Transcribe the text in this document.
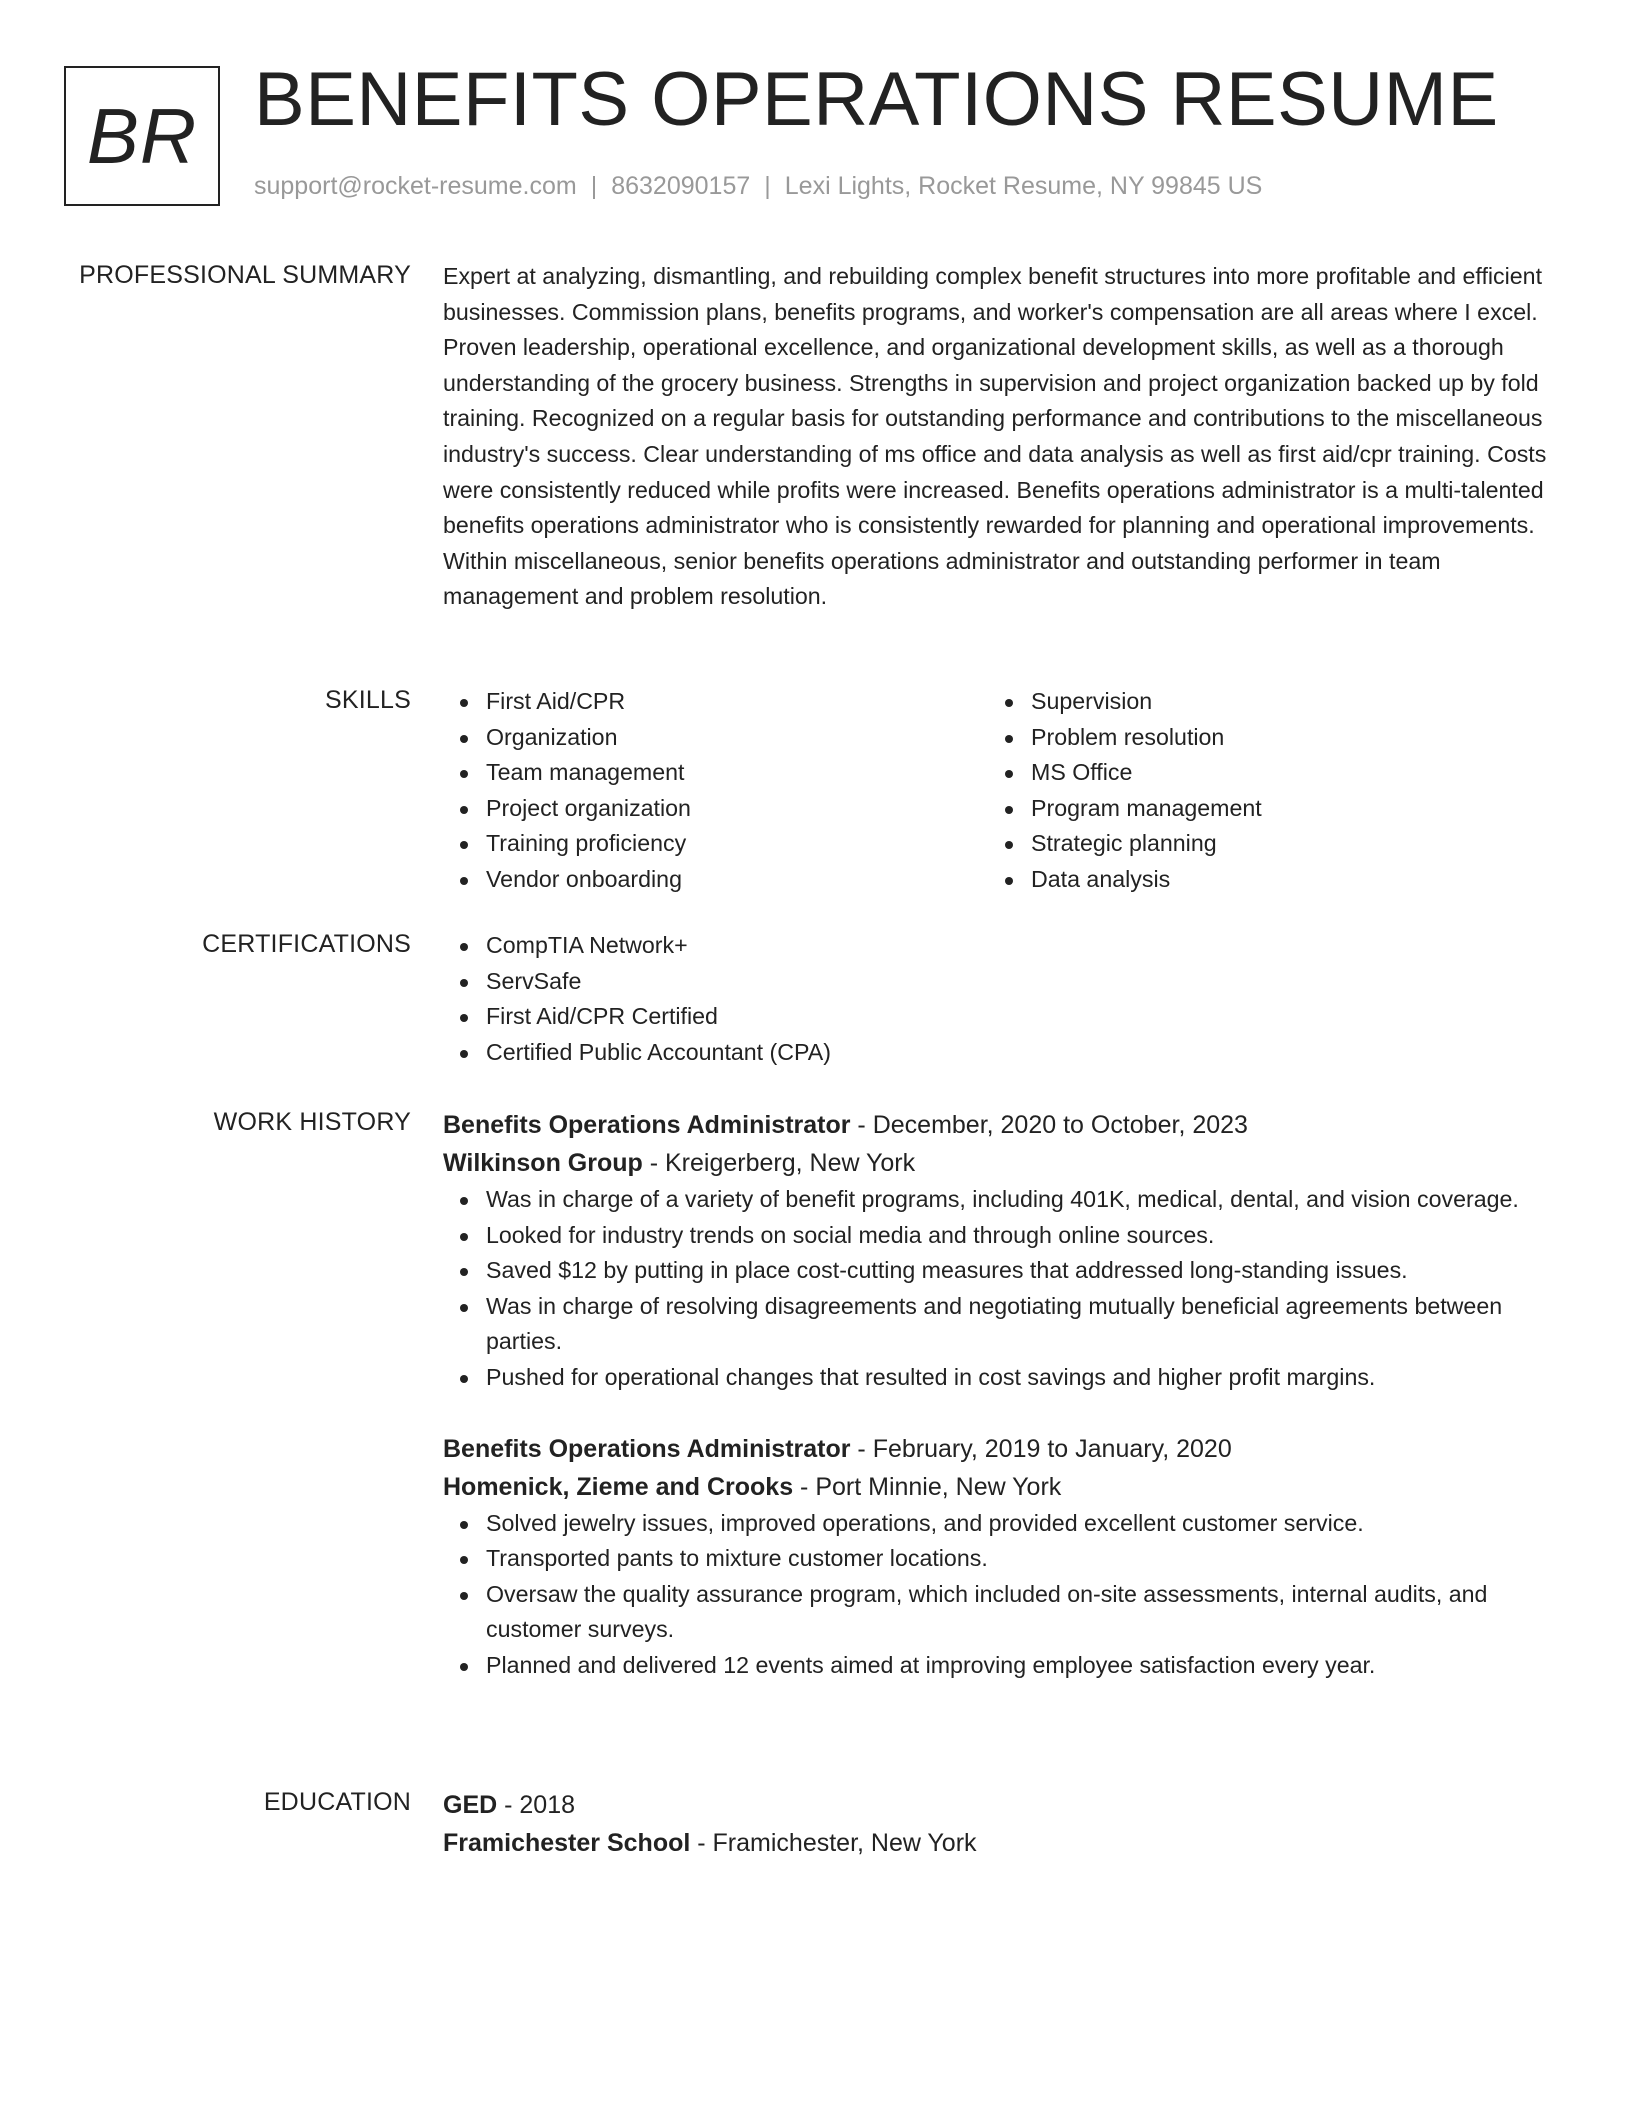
BR BENEFITS OPERATIONS RESUME
support@rocket-resume.com | 8632090157 | Lexi Lights, Rocket Resume, NY 99845 US
PROFESSIONAL SUMMARY Expert at analyzing, dismantling, and rebuilding complex benefit structures into more profitable and efficient businesses. Commission plans, benefits programs, and worker's compensation are all areas where I excel. Proven leadership, operational excellence, and organizational development skills, as well as a thorough understanding of the grocery business. Strengths in supervision and project organization backed up by fold training. Recognized on a regular basis for outstanding performance and contributions to the miscellaneous industry's success. Clear understanding of ms office and data analysis as well as first aid/cpr training. Costs were consistently reduced while profits were increased. Benefits operations administrator is a multi-talented benefits operations administrator who is consistently rewarded for planning and operational improvements. Within miscellaneous, senior benefits operations administrator and outstanding performer in team management and problem resolution.

SKILLS	First Aid/CPR
Organization
Team management
Project organization
Training proficiency
Vendor onboarding
Supervision
Problem resolution
MS Office
Program management
Strategic planning
Data analysis
CERTIFICATIONS	CompTIA Network+
ServSafe
First Aid/CPR Certified
Certified Public Accountant (CPA)
WORK HISTORY Benefits Operations Administrator - December, 2020 to October, 2023
Wilkinson Group - Kreigerberg, New York
Was in charge of a variety of benefit programs, including 401K, medical, dental, and vision coverage.
Looked for industry trends on social media and through online sources.
Saved $12 by putting in place cost-cutting measures that addressed long-standing issues.
Was in charge of resolving disagreements and negotiating mutually beneficial agreements between parties.
Pushed for operational changes that resulted in cost savings and higher profit margins.
Benefits Operations Administrator - February, 2019 to January, 2020
Homenick, Zieme and Crooks - Port Minnie, New York
Solved jewelry issues, improved operations, and provided excellent customer service.
Transported pants to mixture customer locations.
Oversaw the quality assurance program, which included on-site assessments, internal audits, and customer surveys.
Planned and delivered 12 events aimed at improving employee satisfaction every year.
EDUCATION GED - 2018
Framichester School - Framichester, New York
